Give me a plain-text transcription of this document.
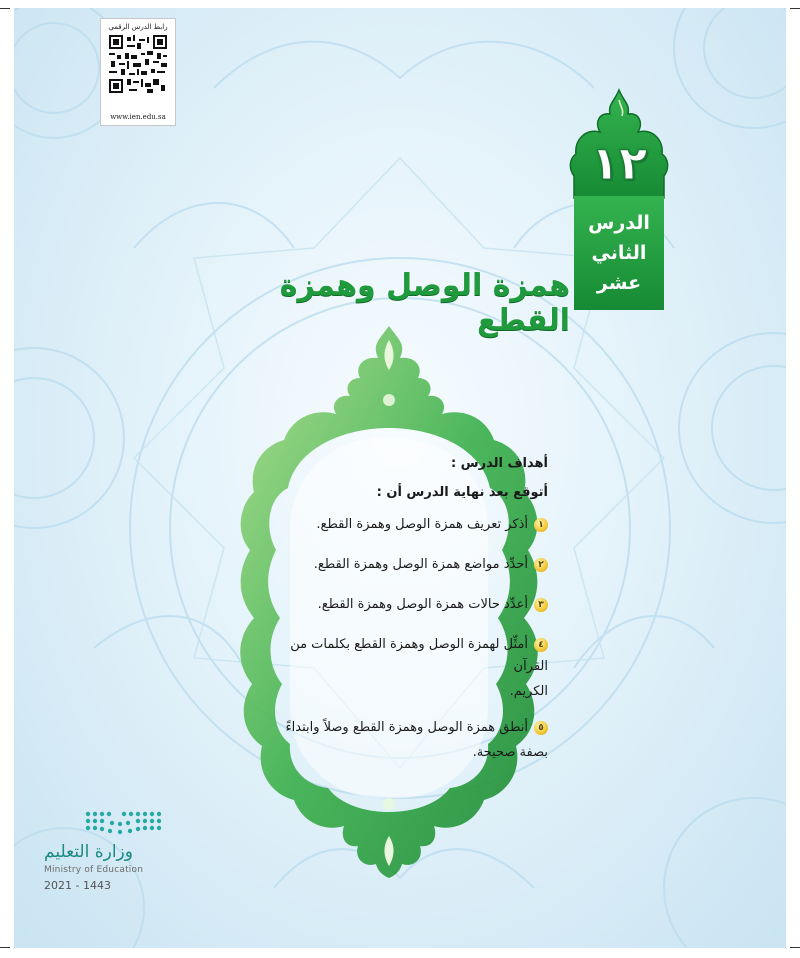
رابط الدرس الرقمي
www.ien.edu.sa
١٢
الدرس
الثاني
عشر
همزة الوصل وهمزة القطع
أهداف الدرس :
أتوقع بعد نهاية الدرس أن :
١أذكر تعريف همزة الوصل وهمزة القطع.
٢أحدِّد مواضع همزة الوصل وهمزة القطع.
٣أعدِّد حالات همزة الوصل وهمزة القطع.
٤أمثِّل لهمزة الوصل وهمزة القطع بكلمات من القرآن
الكريم.
٥أنطق همزة الوصل وهمزة القطع وصلاً وابتداءً
بصفة صحيحة.
وزارة التعليم
Ministry of Education
2021 - 1443
